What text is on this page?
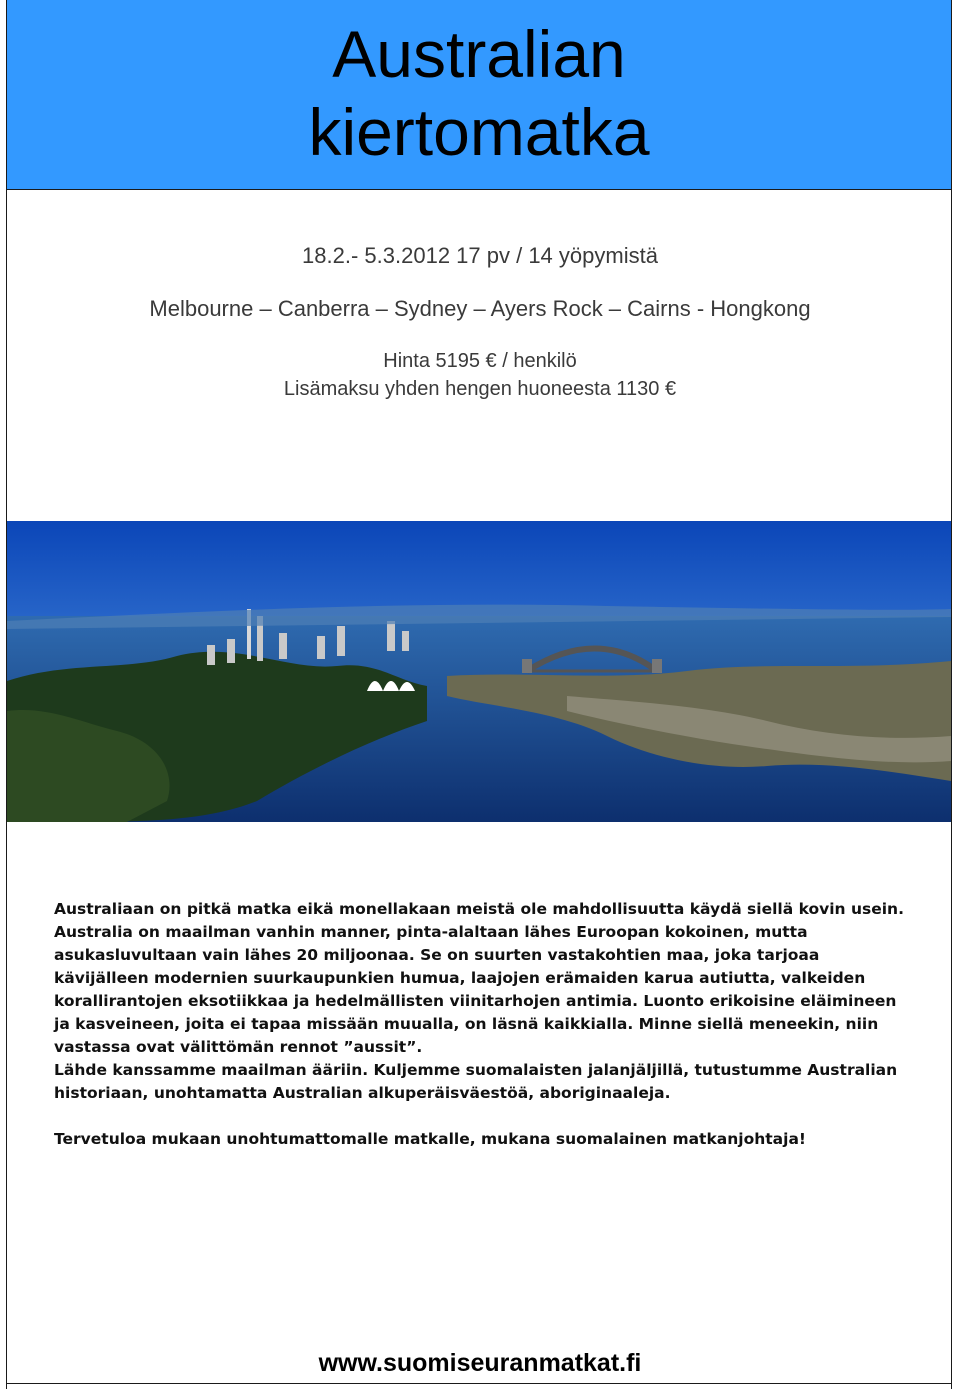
Australian
kiertomatka
18.2.- 5.3.2012 17 pv / 14 yöpymistä
Melbourne – Canberra – Sydney – Ayers Rock – Cairns - Hongkong
Hinta 5195 € / henkilö
Lisämaksu yhden hengen huoneesta 1130 €

Australiaan on pitkä matka eikä monellakaan meistä ole mahdollisuutta käydä siellä kovin usein. Australia on maailman vanhin manner, pinta-alaltaan lähes Euroopan kokoinen, mutta asukasluvultaan vain lähes 20 miljoonaa. Se on suurten vastakohtien maa, joka tarjoaa kävijälleen modernien suurkaupunkien humua, laajojen erämaiden karua autiutta, valkeiden korallirantojen eksotiikkaa ja hedelmällisten viinitarhojen antimia. Luonto erikoisine eläimineen ja kasveineen, joita ei tapaa missään muualla, on läsnä kaikkialla. Minne siellä meneekin, niin vastassa ovat välittömän rennot ”aussit”.

Lähde kanssamme maailman ääriin. Kuljemme suomalaisten jalanjäljillä, tutustumme Australian historiaan, unohtamatta Australian alkuperäisväestöä, aboriginaaleja.

Tervetuloa mukaan unohtumattomalle matkalle, mukana suomalainen matkanjohtaja!

www.suomiseuranmatkat.fi
